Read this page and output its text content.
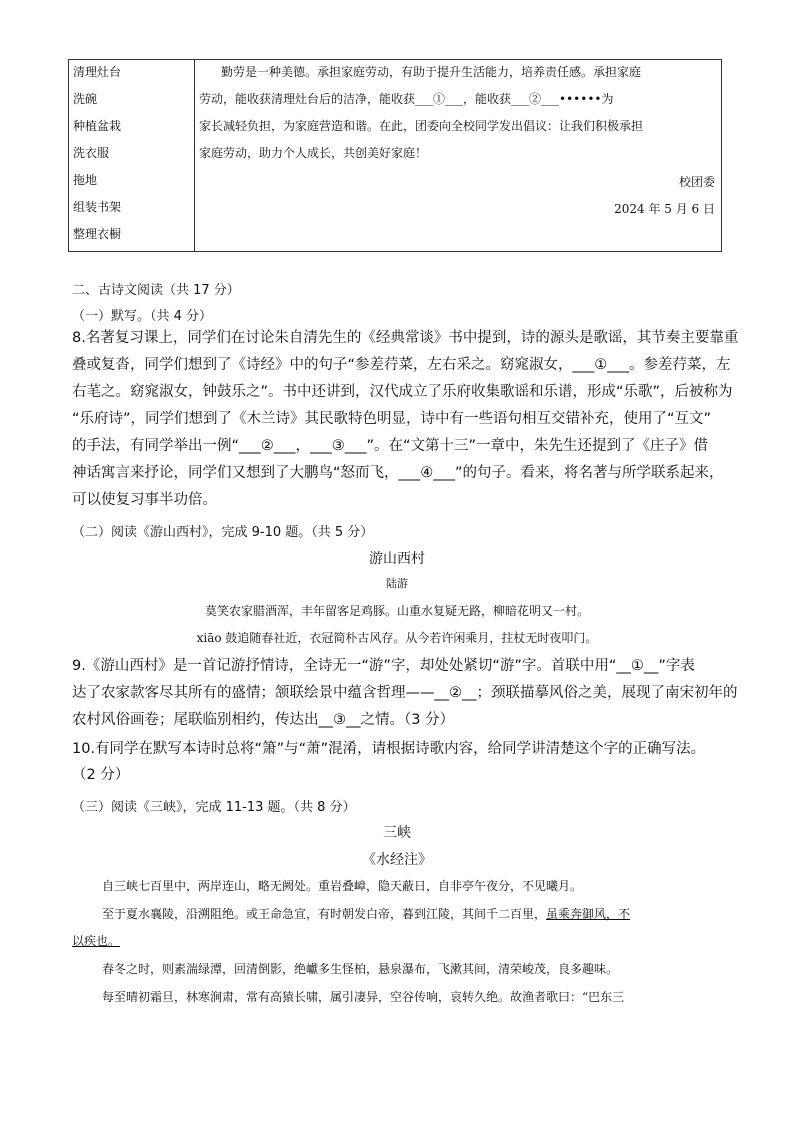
清理灶台
洗碗
种植盆栽
洗衣服
拖地
组装书架
整理衣橱
勤劳是一种美德。承担家庭劳动，有助于提升生活能力，培养责任感。承担家庭
劳动，能收获清理灶台后的洁净，能收获___①___，能收获___②___••••••为
家长减轻负担，为家庭营造和谐。在此，团委向全校同学发出倡议：让我们积极承担
家庭劳动，助力个人成长，共创美好家庭！
校团委
2024 年 5 月 6 日
二、古诗文阅读（共 17 分）
（一）默写。（共 4 分）
8.名著复习课上，同学们在讨论朱自清先生的《经典常谈》书中提到，诗的源头是歌谣，其节奏主要靠重
叠或复沓，同学们想到了《诗经》中的句子“参差荇菜，左右采之。窈窕淑女，___①___。参差荇菜，左
右芼之。窈窕淑女，钟鼓乐之”。书中还讲到，汉代成立了乐府收集歌谣和乐谱，形成“乐歌”，后被称为
“乐府诗”，同学们想到了《木兰诗》其民歌特色明显，诗中有一些语句相互交错补充，使用了“互文”
的手法，有同学举出一例“___②___，___③___”。在“文第十三”一章中，朱先生还提到了《庄子》借
神话寓言来抒论，同学们又想到了大鹏鸟“怒而飞，___④___”的句子。看来，将名著与所学联系起来，
可以使复习事半功倍。
（二）阅读《游山西村》，完成 9-10 题。（共 5 分）
游山西村
陆游
莫笑农家腊酒浑，丰年留客足鸡豚。山重水复疑无路，柳暗花明又一村。
xiāo 鼓追随春社近，衣冠简朴古风存。从今若许闲乘月，拄杖无时夜叩门。
9.《游山西村》是一首记游抒情诗，全诗无一“游”字，却处处紧切“游”字。首联中用“__①__”字表
达了农家款客尽其所有的盛情；颔联绘景中蕴含哲理——__②__；颈联描摹风俗之美，展现了南宋初年的
农村风俗画卷；尾联临别相约，传达出__③__之情。（3 分）
10.有同学在默写本诗时总将“箫”与“萧”混淆，请根据诗歌内容，给同学讲清楚这个字的正确写法。
（2 分）
（三）阅读《三峡》，完成 11-13 题。（共 8 分）
三峡
《水经注》
自三峡七百里中，两岸连山，略无阙处。重岩叠嶂，隐天蔽日，自非亭午夜分，不见曦月。
至于夏水襄陵，沿溯阻绝。或王命急宣，有时朝发白帝，暮到江陵，其间千二百里，虽乘奔御风，不
以疾也。
春冬之时，则素湍绿潭，回清倒影，绝巘多生怪柏，悬泉瀑布，飞漱其间，清荣峻茂，良多趣味。
每至晴初霜旦，林寒涧肃，常有高猿长啸，属引凄异，空谷传响，哀转久绝。故渔者歌曰：“巴东三
